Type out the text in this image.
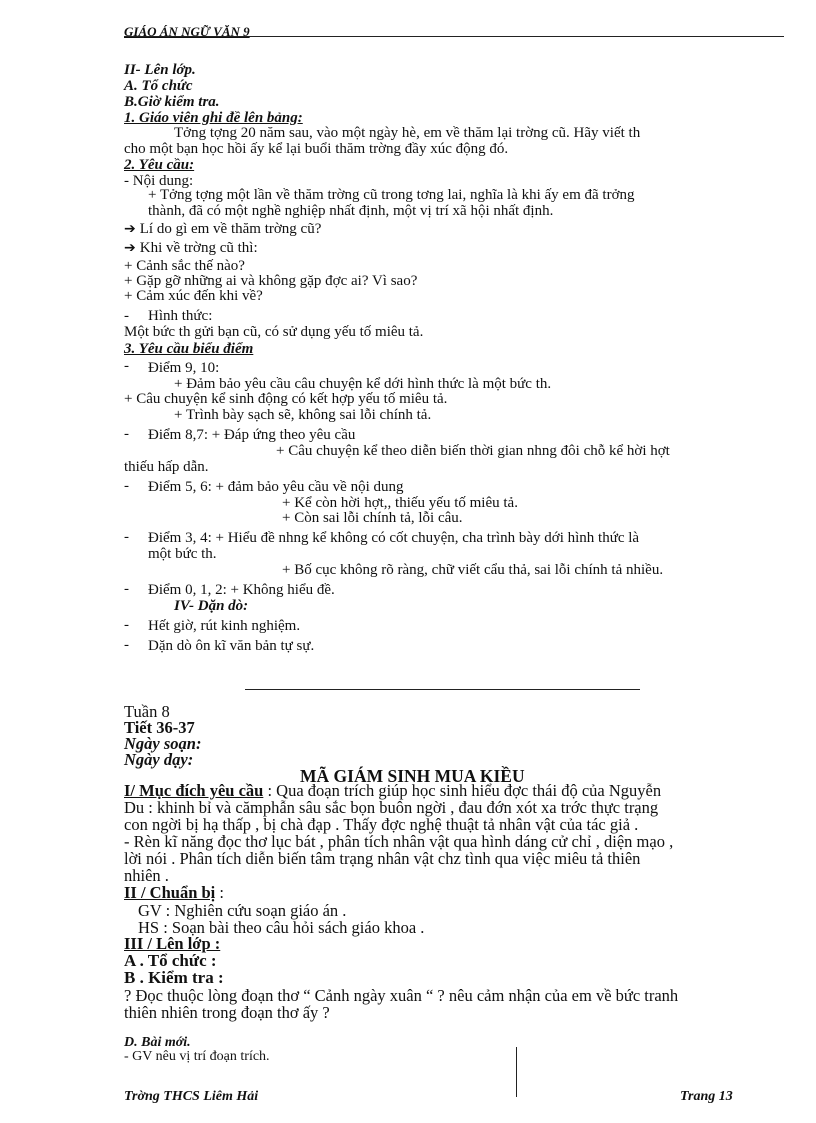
GIÁO ÁN NGỮ VĂN 9
II- Lên lớp.
A. Tổ chức
B.Giờ kiểm tra.
1. Giáo viên ghi đề lên bảng:
Tởng tợng 20 năm sau, vào một ngày hè, em về thăm lại trờng cũ. Hãy viết th
cho một bạn học hồi ấy kể lại buổi thăm trờng đầy xúc động đó.
2. Yêu cầu:
- Nội dung:
+ Tởng tợng một lần về thăm trờng cũ trong tơng lai, nghĩa là khi ấy em đã trởng
thành, đã có một nghề nghiệp nhất định, một vị trí xã hội nhất định.
➔ Lí do gì em về thăm trờng cũ?
➔ Khi về trờng cũ thì:
+ Cảnh sắc thế nào?
+ Gặp gỡ những ai và không gặp đợc ai? Vì sao?
+ Cảm xúc đến khi về?
- Hình thức:
Một bức th gửi bạn cũ, có sử dụng yếu tố miêu tả.
3. Yêu cầu biểu điểm
- Điểm 9, 10:
+ Đảm bảo yêu cầu câu chuyện kể dới hình thức là một bức th.
+ Câu chuyện kể sinh động có kết hợp yếu tố miêu tả.
+ Trình bày sạch sẽ, không sai lỗi chính tả.
- Điểm 8,7: + Đáp ứng theo yêu cầu
+ Câu chuyện kể theo diễn biến thời gian nhng đôi chỗ kể hời hợt
thiếu hấp dẫn.
- Điểm 5, 6: + đảm bảo yêu cầu về nội dung
+ Kể còn hời hợt,, thiếu yếu tố miêu tả.
+ Còn sai lỗi chính tả, lỗi câu.
- Điểm 3, 4: + Hiểu đề nhng kể không có cốt chuyện, cha trình bày dới hình thức là
một bức th.
+ Bố cục không rõ ràng, chữ viết cẩu thả, sai lỗi chính tả nhiều.
- Điểm 0, 1, 2: + Không hiểu đề.
IV- Dặn dò:
- Hết giờ, rút kinh nghiệm.
- Dặn dò ôn kĩ văn bản tự sự.
Tuần 8
Tiết 36-37
Ngày soạn:
Ngày dạy:
MÃ GIÁM SINH MUA KIỀU
I/ Mục đích yêu cầu : Qua đoạn trích giúp học sinh hiểu đợc thái độ của Nguyễn
Du : khinh bỉ và cămphẫn sâu sắc bọn buôn ngời , đau đớn xót xa trớc thực trạng
con ngời bị hạ thấp , bị chà đạp . Thấy đợc nghệ thuật tả nhân vật của tác giả .
- Rèn kĩ năng đọc thơ lục bát , phân tích nhân vật qua hình dáng cử chỉ , diện mạo ,
lời nói . Phân tích diễn biến tâm trạng nhân vật chz tình qua việc miêu tả thiên
nhiên .
II / Chuẩn bị :
GV : Nghiên cứu soạn giáo án .
HS : Soạn bài theo câu hỏi sách giáo khoa .
III / Lên lớp :
A . Tổ chức :
B . Kiểm tra :
? Đọc thuộc lòng đoạn thơ “ Cảnh ngày xuân “ ? nêu cảm nhận của em về bức tranh
thiên nhiên trong đoạn thơ ấy ?
D. Bài mới.
- GV nêu vị trí đoạn trích.
Trờng THCS Liêm Hải	Trang 13
